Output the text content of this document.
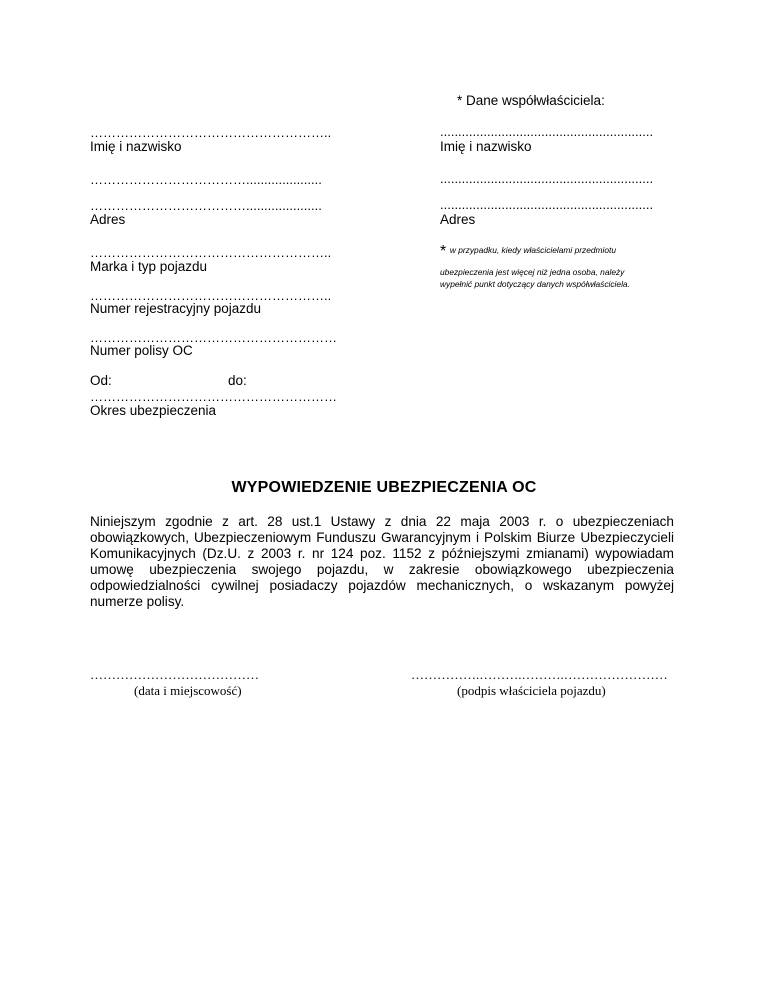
* Dane współwłaściciela:
………………………………………………..
Imię i nazwisko
……………………………….....................
……………………………….....................
Adres
………………………………………………..
Marka i typ pojazdu
………………………………………………..
Numer rejestracyjny pojazdu
…………………………………………………
Numer polisy OC
Od:	do:
…………………………………………………
Okres ubezpieczenia
...........................................................
Imię i nazwisko
...........................................................
...........................................................
Adres
* w przypadku, kiedy właścicielami przedmiotu
ubezpieczenia jest więcej niż jedna osoba, należy
wypełnić punkt dotyczący danych współwłaściciela.
WYPOWIEDZENIE UBEZPIECZENIA OC
Niniejszym zgodnie z art. 28 ust.1 Ustawy z dnia 22 maja 2003 r. o ubezpieczeniach obowiązkowych, Ubezpieczeniowym Funduszu Gwarancyjnym i Polskim Biurze Ubezpieczycieli Komunikacyjnych (Dz.U. z 2003 r. nr 124 poz. 1152 z późniejszymi zmianami) wypowiadam umowę ubezpieczenia swojego pojazdu, w zakresie obowiązkowego ubezpieczenia odpowiedzialności cywilnej posiadaczy pojazdów mechanicznych, o wskazanym powyżej numerze polisy.
…………………………………
(data i miejscowość)
…………….……….……….……………………
(podpis właściciela pojazdu)
